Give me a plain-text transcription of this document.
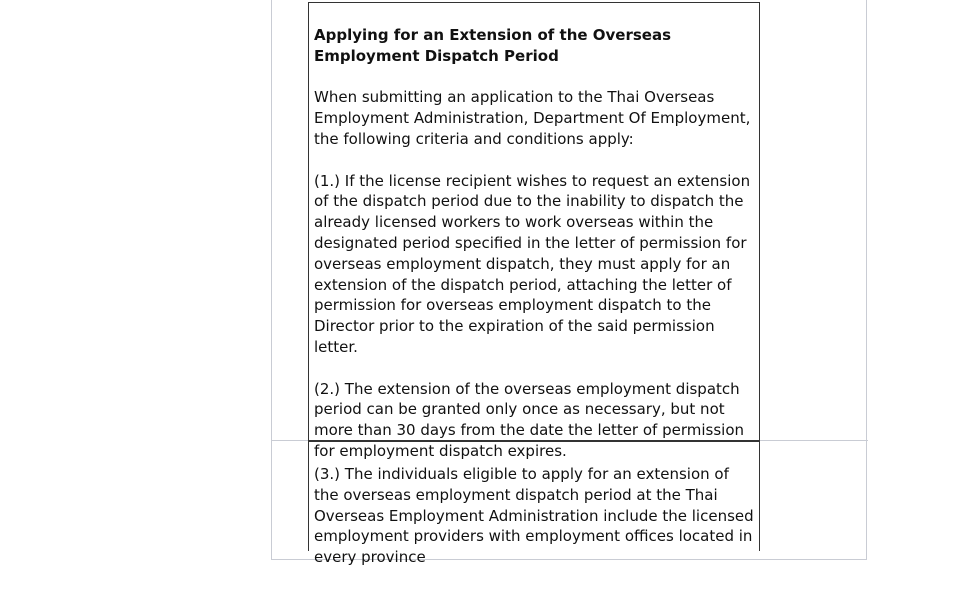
Applying for an Extension of the Overseas Employment Dispatch Period

When submitting an application to the Thai Overseas Employment Administration, Department Of Employment, the following criteria and conditions apply:

(1.) If the license recipient wishes to request an extension of the dispatch period due to the inability to dispatch the already licensed workers to work overseas within the designated period specified in the letter of permission for overseas employment dispatch, they must apply for an extension of the dispatch period, attaching the letter of permission for overseas employment dispatch to the Director prior to the expiration of the said permission letter.

(2.) The extension of the overseas employment dispatch period can be granted only once as necessary, but not more than 30 days from the date the letter of permission for employment dispatch expires.

(3.) The individuals eligible to apply for an extension of the overseas employment dispatch period at the Thai Overseas Employment Administration include the licensed employment providers with employment offices located in every province
